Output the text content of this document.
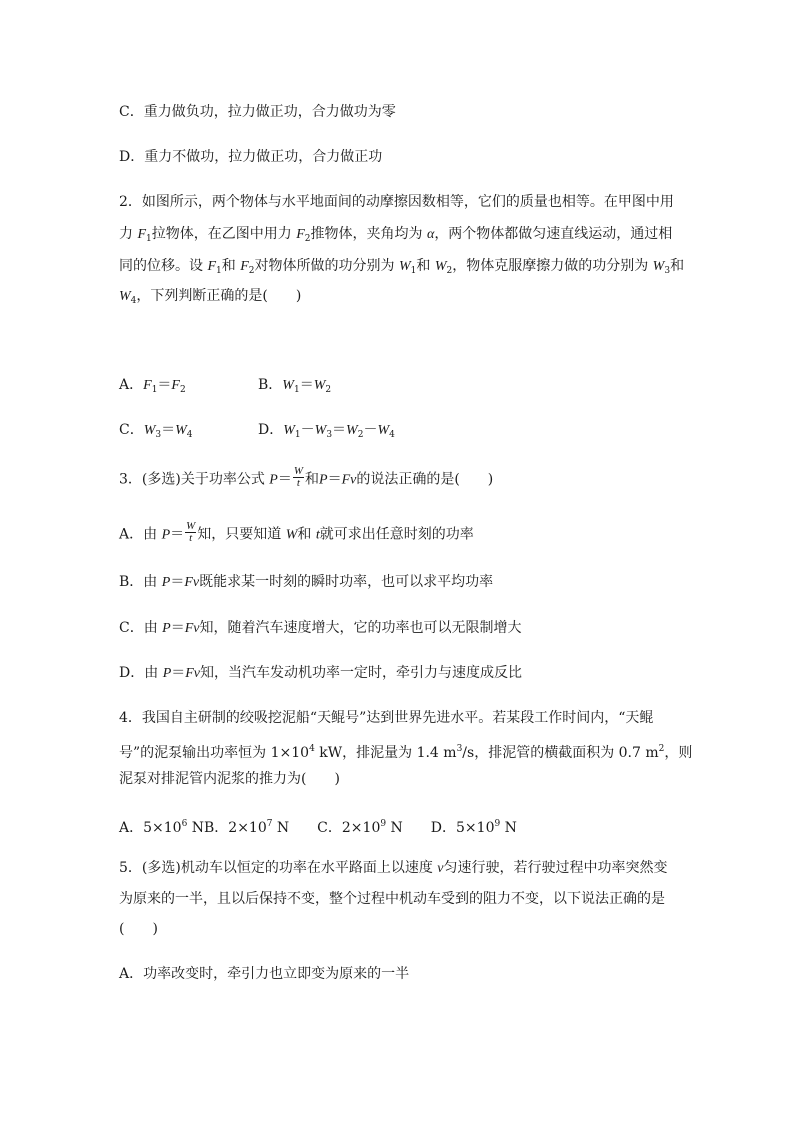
C．重力做负功，拉力做正功，合力做功为零
D．重力不做功，拉力做正功，合力做正功
2．如图所示，两个物体与水平地面间的动摩擦因数相等，它们的质量也相等。在甲图中用
力 $F_1$拉物体，在乙图中用力 $F_2$推物体，夹角均为 α，两个物体都做匀速直线运动，通过相
同的位移。设 $F_1$和 $F_2$对物体所做的功分别为 $W_1$和 $W_2$，物体克服摩擦力做的功分别为 $W_3$和
$W_4$，下列判断正确的是(　　)
A．$F_1=F_2$	B．$W_1=W_2$
C．$W_3=W_4$	D．$W_1-W_3=W_2-W_4$
3．(多选)关于功率公式 $P= \frac{W}{t}$ 和P＝Fv的说法正确的是(　　)
A．由 $P= \frac{W}{t}$ 知，只要知道 W和 t就可求出任意时刻的功率
B．由 P＝Fv既能求某一时刻的瞬时功率，也可以求平均功率
C．由 P＝Fv知，随着汽车速度增大，它的功率也可以无限制增大
D．由 P＝Fv知，当汽车发动机功率一定时，牵引力与速度成反比
4．我国自主研制的绞吸挖泥船“天鲲号”达到世界先进水平。若某段工作时间内，“天鲲
号”的泥泵输出功率恒为 $1\times 10^4$ kW，排泥量为 1.4 $m^3/s$，排泥管的横截面积为 0.7 $m^2$，则
泥泵对排泥管内泥浆的推力为(　　)
A．$5\times 10^6$ NB．$2\times 10^7$ N　　C．$2\times 10^9$ N　　D．$5\times 10^9$ N
5．(多选)机动车以恒定的功率在水平路面上以速度 v匀速行驶，若行驶过程中功率突然变
为原来的一半，且以后保持不变，整个过程中机动车受到的阻力不变，以下说法正确的是
(　　)
A．功率改变时，牵引力也立即变为原来的一半
